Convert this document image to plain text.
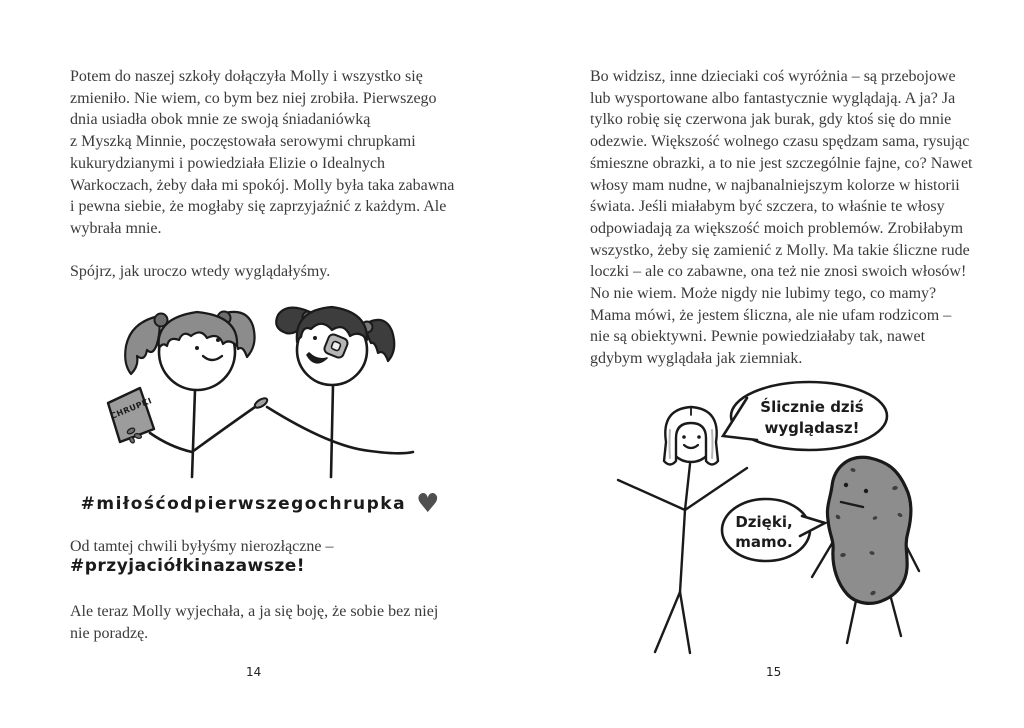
Potem do naszej szkoły dołączyła Molly i wszystko się
zmieniło. Nie wiem, co bym bez niej zrobiła. Pierwszego
dnia usiadła obok mnie ze swoją śniadaniówką
z Myszką Minnie, poczęstowała serowymi chrupkami
kukurydzianymi i powiedziała Elizie o Idealnych
Warkoczach, żeby dała mi spokój. Molly była taka zabawna
i pewna siebie, że mogłaby się zaprzyjaźnić z każdym. Ale
wybrała mnie.
Spójrz, jak uroczo wtedy wyglądałyśmy.
CHRUPKI
#miłośćodpierwszegochrupka ♥
Od tamtej chwili byłyśmy nierozłączne –
#przyjaciółkinazawsze!
Ale teraz Molly wyjechała, a ja się boję, że sobie bez niej
nie poradzę.
14
Bo widzisz, inne dzieciaki coś wyróżnia – są przebojowe
lub wysportowane albo fantastycznie wyglądają. A ja? Ja
tylko robię się czerwona jak burak, gdy ktoś się do mnie
odezwie. Większość wolnego czasu spędzam sama, rysując
śmieszne obrazki, a to nie jest szczególnie fajne, co? Nawet
włosy mam nudne, w najbanalniejszym kolorze w historii
świata. Jeśli miałabym być szczera, to właśnie te włosy
odpowiadają za większość moich problemów. Zrobiłabym
wszystko, żeby się zamienić z Molly. Ma takie śliczne rude
loczki – ale co zabawne, ona też nie znosi swoich włosów!
No nie wiem. Może nigdy nie lubimy tego, co mamy?
Mama mówi, że jestem śliczna, ale nie ufam rodzicom –
nie są obiektywni. Pewnie powiedziałaby tak, nawet
gdybym wyglądała jak ziemniak.
Ślicznie dziś
wyglądasz!
Dzięki,
mamo.
15
